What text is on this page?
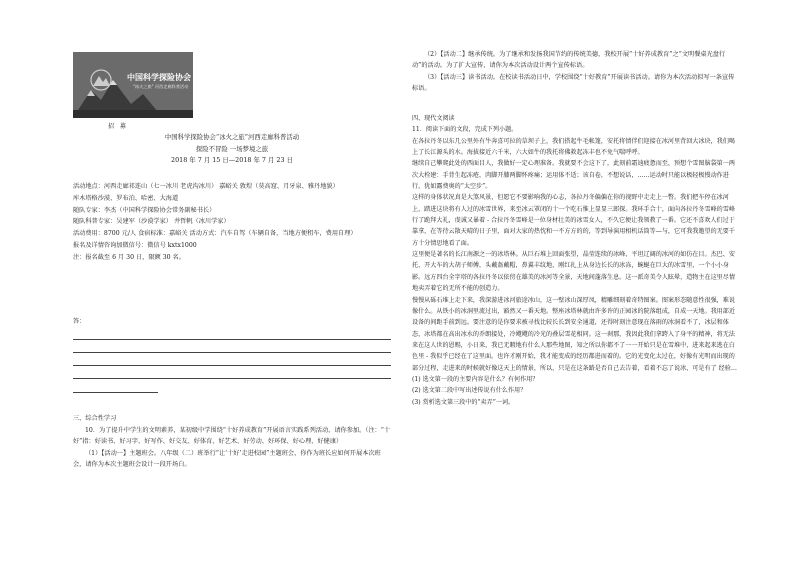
中国科学探险协会
"冰火之旅" 河西走廊科普活动
招 募

中国科学探险协会“冰火之旅”河西走廊科普活动

探险不冒险 一场梦境之旅

2018 年 7 月 15 日—2018 年 7 月 23 日

活动地点：河西走廊祁连山（七一冰川 老虎沟冰川） 嘉峪关 敦煌（莫高窟、月牙泉、雅丹地貌）

库木塔格沙漠、罗布泊、哈密、大海道

随队专家：李杰（中国科学探险协会常务副秘书长）

随队科普专家：吴建军（沙漠学家） 井哲帆（冰川学家）

活动费用：8700 元/人 食宿标准：嘉峪关 活动方式：汽车自驾（车辆自备，当地方便租车，费用自理）

报名及详情咨询加微信号：微信号 kxtx1000

注：报名截至 6 月 30 日，限额 30 名。

答：

三、综合性学习

10．为了提升中学生的文明素养，某初级中学围绕“十好养成教育”开展语言实践系列活动，请你参加。（注：“十好”指：好读书、好习字、好写作、好交友、好体育、好艺术、好劳动、好环保、好心理、好健康）

（1）【活动一】主题班会。八年级（二）班举行“让‘十好’走进校园”主题班会，你作为班长应如何开展本次班会，请你为本次主题班会设计一段开场白。

（2）【活动二】继承传统。为了继承和发扬我国节约的传统美德，我校开展“十好养成教育”之“文明餐桌光盘行动”的活动。为了扩大宣传，请你为本次活动设计两个宣传标语。

（3）【活动三】读书活动。在校读书活动日中，学校围绕“十好教育”开展读书活动。请你为本次活动拟写一条宣传标语。

四、现代文阅读

11．阅读下面的文段，完成下列小题。

在各拉丹冬以东几公里外有牛奔喜可拉的草坝子上，我们搭起牛毛帐篷，安托将情伴们迎接在冰河里背回大冰块，我们喝上了长江源头的水。海拔接近六千米，六大如牛的我托将佛救起冻丰也不免气喘呼呼。

继续自己攀爬此处的西面目人，我做好一定心理准备。我就要不会这下了，此刻前霜迪疲惫而至，预想个雪图脑袋第一两次大栓建：手背生起冻疮，肉脚开膝两脚怀疼痛；运用体不适；该自卷，不想说话，……运动时只能以极轻极慢动作进行，犹如露费奥的“太空步”。

这样的身体状况真是大煞风景，但愿它不要影响我的心志，各拉丹冬偏偏在你的视野中走走上一瞥。我们把车停在冰河上，踏进这块将有人过的冰雪世界，来至冰云罩闭的十一个吃石惟上显显三郎探。我环手合十，面向各拉丹冬雪峰的雪峰行了跪拜大礼，虔诚又暴着 - 合拉丹冬雪峰是一位身材壮美的冰雪女人，不久它便让我领教了一番。它还不喜欢人们过于靠拿，在等待云散天晴的日子里，面对大家的热忱和一不方方的的，等到导演用相机话筒等—与，它可我我邀望的无要千方十分情思地看了面。

这里便是著名的长江南源之一的冰塔林。从巨石堆上回面张望，晶莹连续的冰峰，平坦辽阔的冰河的如仿在目。杰巴、安托、开大车的大胡子师傅，头戴盔戴帽，鼻翼丰纹地，刚红扎上从身边长长的冰冻，蜿蜒在巨大的冰雪里，一个小小身影。远方四台全字塔的各拉丹冬以依傍在雄美的冰河等全景，天地间蓬落生息。这一派奇美令人眩晕，造物主在这里尽情地卖弄着它的无所不能的创造力。

慢慢从砾石堆上走下来，我深游进冰河旅途冰山，这一壁冰山深厚凤，精雕细刻着奇特图案。图案形态随意性很强，难说像什么。从铁小的冰洞里流过出，豁然又一番天地。整座冰塔林就由许多许的正园冰的院落组成，自成一天地。我用部近设备的间距手前到远。要注意的是你要求被寻找比较长长到安全通道，还得时刻注意现在落雨的冰洞看不了，冰层和体态，冰塔都在高出冰水的乔朗接处，冷飕飕的冷光的叠层雪花相同。这一刹那，我因此我们拿跨入了身平的精神，将无法来在这人世的恩赐，小日来，我已无暇地有什么人那些地图，知之所以你都不了一一开始只是在雪堆中，进来起来逃在白色里 - 我似乎已经在了这里面。也许才刚开始，我才能变成的经历都进而着的。它的光变化太过在，好像有光明而出现的部分过程，走进来的时候就好像这天上的情景，所以，只是在这条路是否自己去告着，看着不忘了说冰，可是有了 经验深

(1) 选文第一段的主要内容是什么？有何作用？

(2) 选文第二段中写出述传说有什么作用？

(3) 赏析选文第三段中的“卖弄”一词。
